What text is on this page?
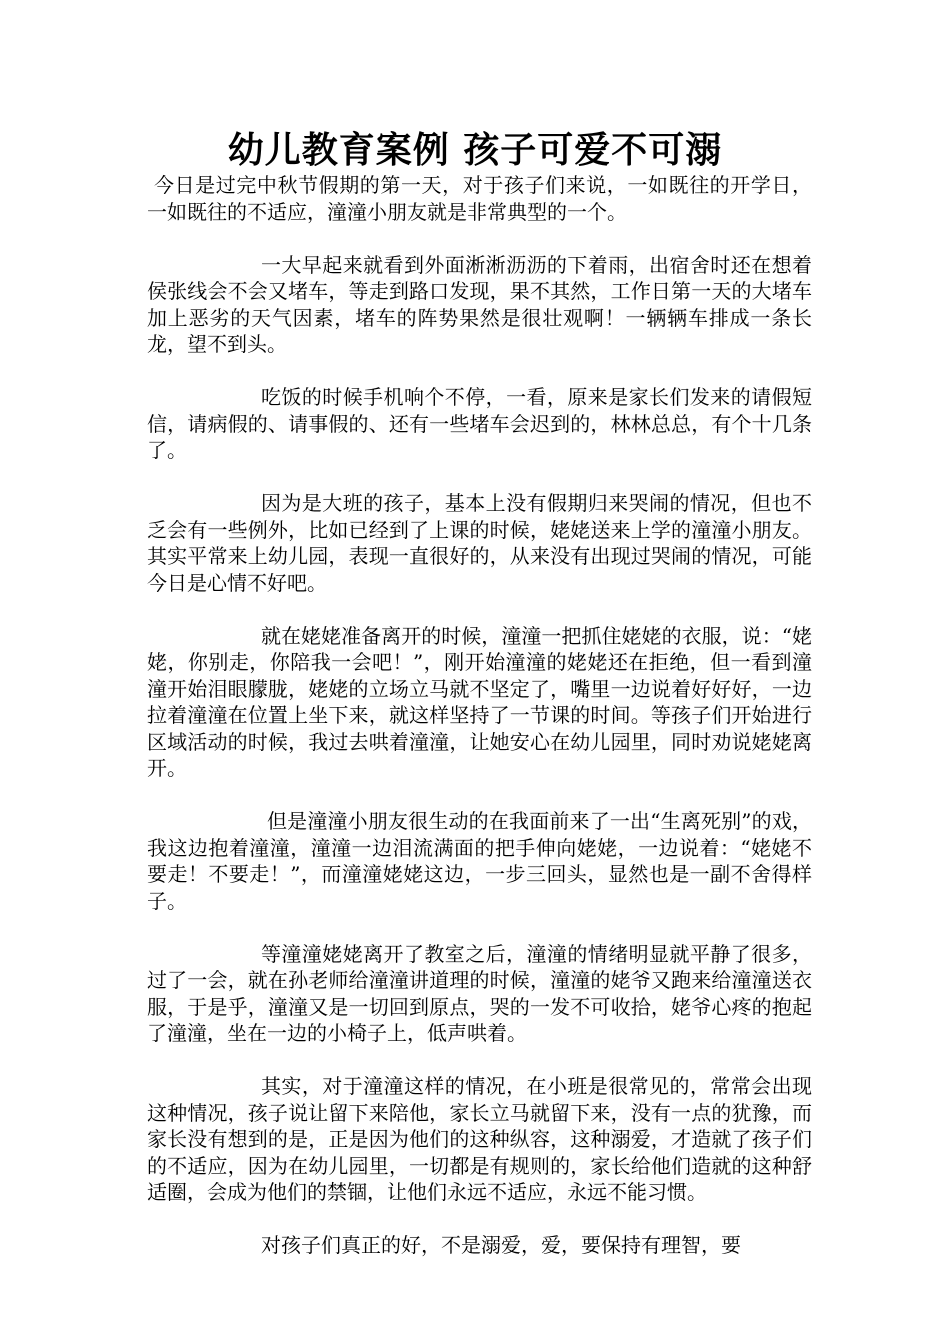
幼儿教育案例 孩子可爱不可溺

今日是过完中秋节假期的第一天，对于孩子们来说，一如既往的开学日，一如既往的不适应，潼潼小朋友就是非常典型的一个。

一大早起来就看到外面淅淅沥沥的下着雨，出宿舍时还在想着侯张线会不会又堵车，等走到路口发现，果不其然，工作日第一天的大堵车加上恶劣的天气因素，堵车的阵势果然是很壮观啊！一辆辆车排成一条长龙，望不到头。

吃饭的时候手机响个不停，一看，原来是家长们发来的请假短信，请病假的、请事假的、还有一些堵车会迟到的，林林总总，有个十几条了。

因为是大班的孩子，基本上没有假期归来哭闹的情况，但也不乏会有一些例外，比如已经到了上课的时候，姥姥送来上学的潼潼小朋友。其实平常来上幼儿园，表现一直很好的，从来没有出现过哭闹的情况，可能今日是心情不好吧。

就在姥姥准备离开的时候，潼潼一把抓住姥姥的衣服，说：“姥姥，你别走，你陪我一会吧！”，刚开始潼潼的姥姥还在拒绝，但一看到潼潼开始泪眼朦胧，姥姥的立场立马就不坚定了，嘴里一边说着好好好，一边拉着潼潼在位置上坐下来，就这样坚持了一节课的时间。等孩子们开始进行区域活动的时候，我过去哄着潼潼，让她安心在幼儿园里，同时劝说姥姥离开。

但是潼潼小朋友很生动的在我面前来了一出“生离死别”的戏，我这边抱着潼潼，潼潼一边泪流满面的把手伸向姥姥，一边说着：“姥姥不要走！不要走！”，而潼潼姥姥这边，一步三回头，显然也是一副不舍得样子。

等潼潼姥姥离开了教室之后，潼潼的情绪明显就平静了很多，过了一会，就在孙老师给潼潼讲道理的时候，潼潼的姥爷又跑来给潼潼送衣服，于是乎，潼潼又是一切回到原点，哭的一发不可收拾，姥爷心疼的抱起了潼潼，坐在一边的小椅子上，低声哄着。

其实，对于潼潼这样的情况，在小班是很常见的，常常会出现这种情况，孩子说让留下来陪他，家长立马就留下来，没有一点的犹豫，而家长没有想到的是，正是因为他们的这种纵容，这种溺爱，才造就了孩子们的不适应，因为在幼儿园里，一切都是有规则的，家长给他们造就的这种舒适圈，会成为他们的禁锢，让他们永远不适应，永远不能习惯。

对孩子们真正的好，不是溺爱，爱，要保持有理智，要
